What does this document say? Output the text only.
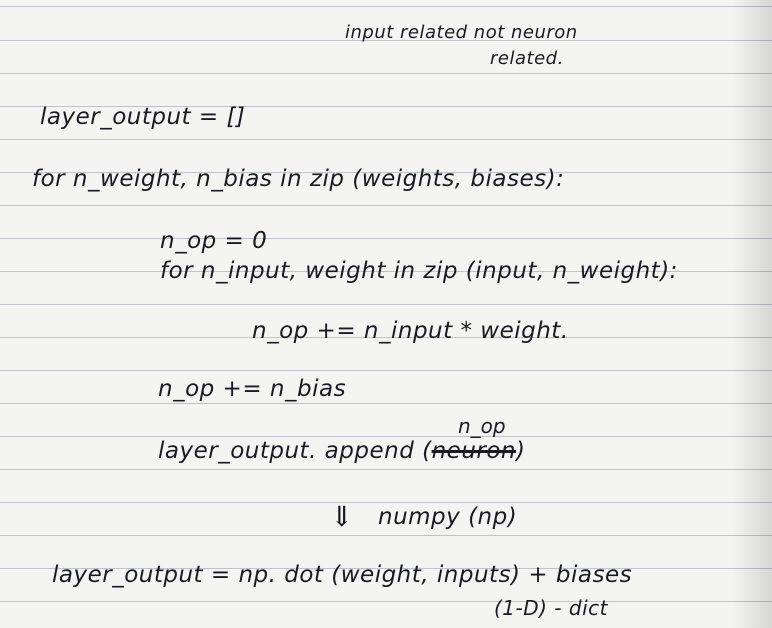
input related not neuron
related.
layer_output = []
for n_weight, n_bias in zip (weights, biases):
n_op = 0
for n_input, weight in zip (input, n_weight):
n_op += n_input * weight.
n_op += n_bias
n_op
layer_output. append (neuron)
⇓ numpy (np)
layer_output = np. dot (weight, inputs) + biases
(1-D) - dict
